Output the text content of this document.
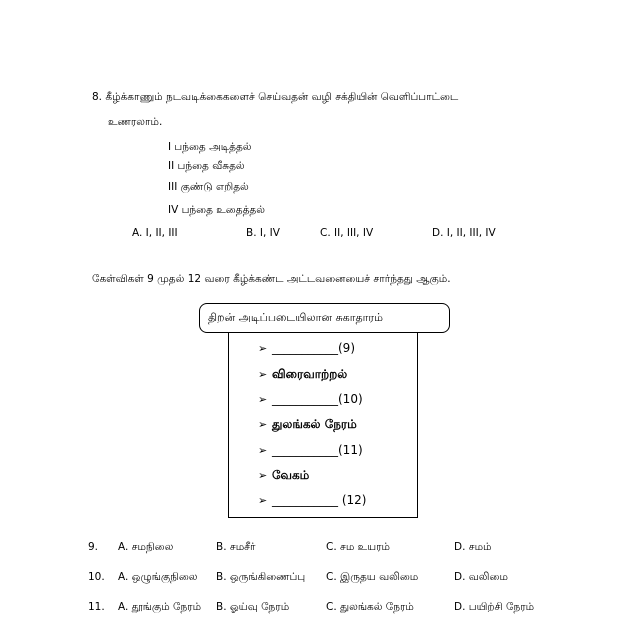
8. கீழ்க்காணும் நடவடிக்கைகளைச் செய்வதன் வழி சக்தியின் வெளிப்பாட்டை
உணரலாம்.
I பந்தை அடித்தல்
II பந்தை வீசுதல்
III குண்டு எறிதல்
IV பந்தை உதைத்தல்
A. I, II, III	B. I, IV	C. II, III, IV	D. I, II, III, IV
கேள்விகள் 9 முதல் 12 வரை கீழ்க்கண்ட அட்டவனையைச் சார்ந்தது ஆகும்.
திறன் அடிப்படையிலான சுகாதாரம்
➢ ___________(9)
➢ விரைவாற்றல்
➢ ___________(10)
➢ துலங்கல் நேரம்
➢ ___________(11)
➢ வேகம்
➢ ___________ (12)
9. A. சமநிலை	B. சமசீர்	C. சம உயரம்	D. சமம்
10. A. ஒழுங்குநிலை B. ஒருங்கிணைப்பு C. இருதய வலிமை	D. வலிமை
11. A. தூங்கும் நேரம் B. ஓய்வு நேரம்	C. துலங்கல் நேரம்	D. பயிற்சி நேரம்
